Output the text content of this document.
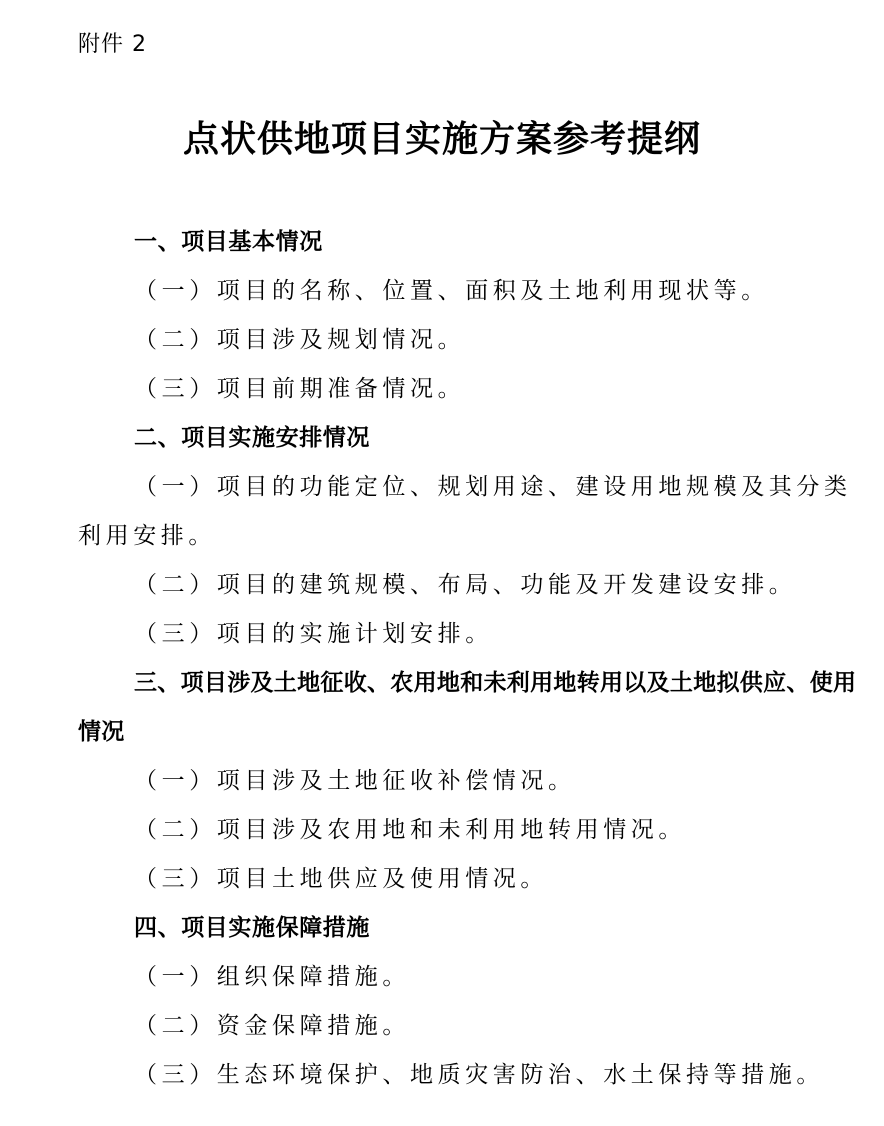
附件 2
点状供地项目实施方案参考提纲

一、项目基本情况

（一）项目的名称、位置、面积及土地利用现状等。

（二）项目涉及规划情况。

（三）项目前期准备情况。

二、项目实施安排情况

（一）项目的功能定位、规划用途、建设用地规模及其分类利用安排。

（二）项目的建筑规模、布局、功能及开发建设安排。

（三）项目的实施计划安排。

三、项目涉及土地征收、农用地和未利用地转用以及土地拟供应、使用情况

（一）项目涉及土地征收补偿情况。

（二）项目涉及农用地和未利用地转用情况。

（三）项目土地供应及使用情况。

四、项目实施保障措施

（一）组织保障措施。

（二）资金保障措施。

（三）生态环境保护、地质灾害防治、水土保持等措施。
